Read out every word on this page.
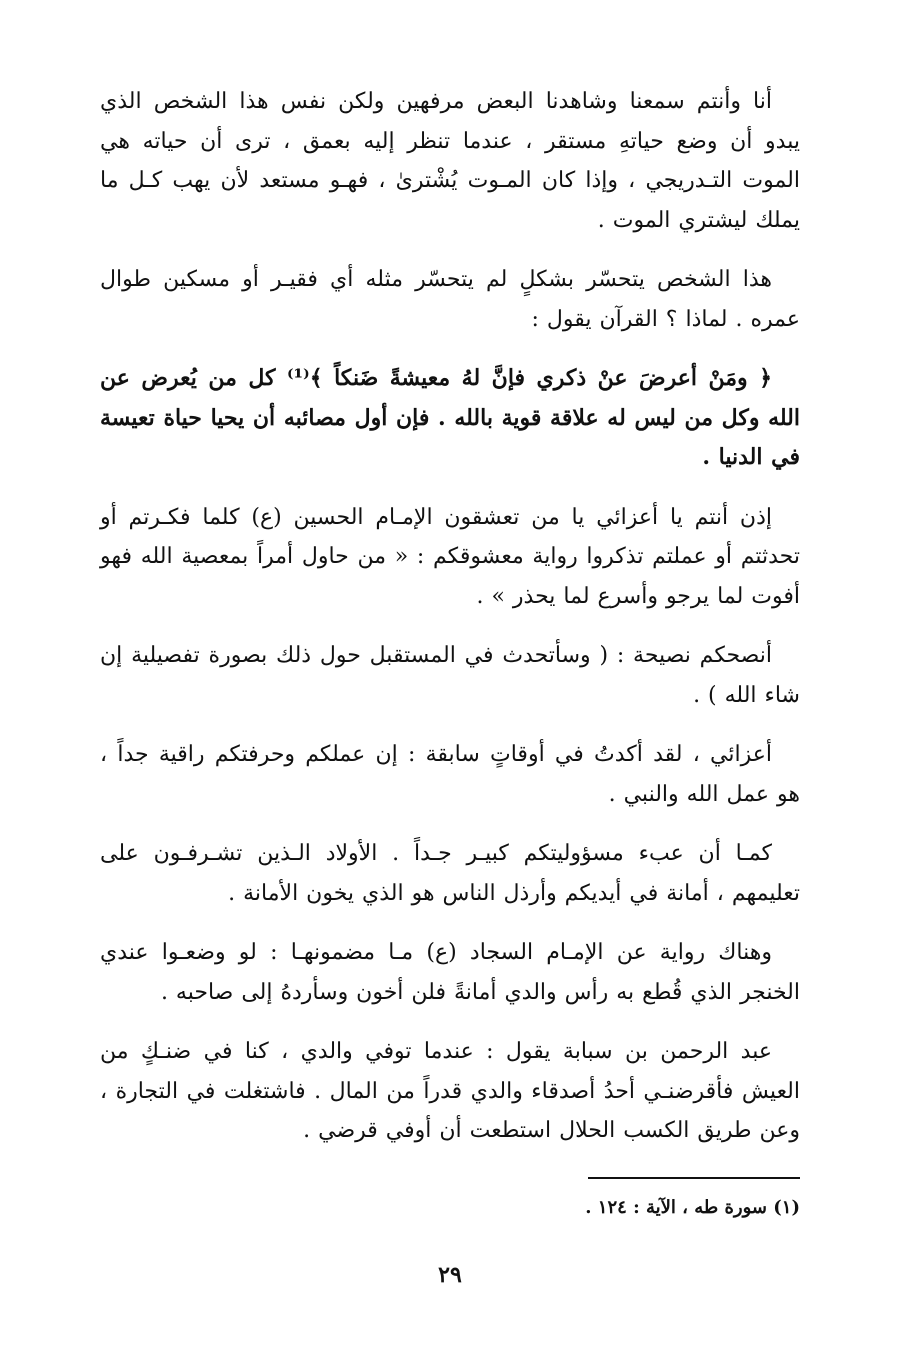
أنا وأنتم سمعنا وشاهدنا البعض مرفهين ولكن نفس هذا الشخص الذي يبدو أن وضع حياتهِ مستقر ، عندما تنظر إليه بعمق ، ترى أن حياته هي الموت التـدريجي ، وإذا كان المـوت يُشْترىٰ ، فهـو مستعد لأن يهب كـل ما يملك ليشتري الموت .

هذا الشخص يتحسّر بشكلٍ لم يتحسّر مثله أي فقيـر أو مسكين طوال عمره . لماذا ؟ القرآن يقول :

﴿ ومَنْ أعرضَ عنْ ذكري فإنَّ لهُ معيشةً ضَنكاً ﴾⁽¹⁾ كل من يُعرض عن الله وكل من ليس له علاقة قوية بالله . فإن أول مصائبه أن يحيا حياة تعيسة في الدنيا .

إذن أنتم يا أعزائي يا من تعشقون الإمـام الحسين (ع) كلما فكـرتم أو تحدثتم أو عملتم تذكروا رواية معشوقكم : « من حاول أمراً بمعصية الله فهو أفوت لما يرجو وأسرع لما يحذر » .

أنصحكم نصيحة : ( وسأتحدث في المستقبل حول ذلك بصورة تفصيلية إن شاء الله ) .

أعزائي ، لقد أكدتُ في أوقاتٍ سابقة : إن عملكم وحرفتكم راقية جداً ، هو عمل الله والنبي .

كمـا أن عبء مسؤوليتكم كبيـر جـداً . الأولاد الـذين تشـرفـون على تعليمهم ، أمانة في أيديكم وأرذل الناس هو الذي يخون الأمانة .

وهناك رواية عن الإمـام السجاد (ع) مـا مضمونهـا : لو وضعـوا عندي الخنجر الذي قُطع به رأس والدي أمانةً فلن أخون وسأردهُ إلى صاحبه .

عبد الرحمن بن سبابة يقول : عندما توفي والدي ، كنا في ضنـكٍ من العيش فأقرضنـي أحدُ أصدقاء والدي قدراً من المال . فاشتغلت في التجارة ، وعن طريق الكسب الحلال استطعت أن أوفي قرضي .

(١) سورة طه ، الآية : ١٢٤ .
٢٩
